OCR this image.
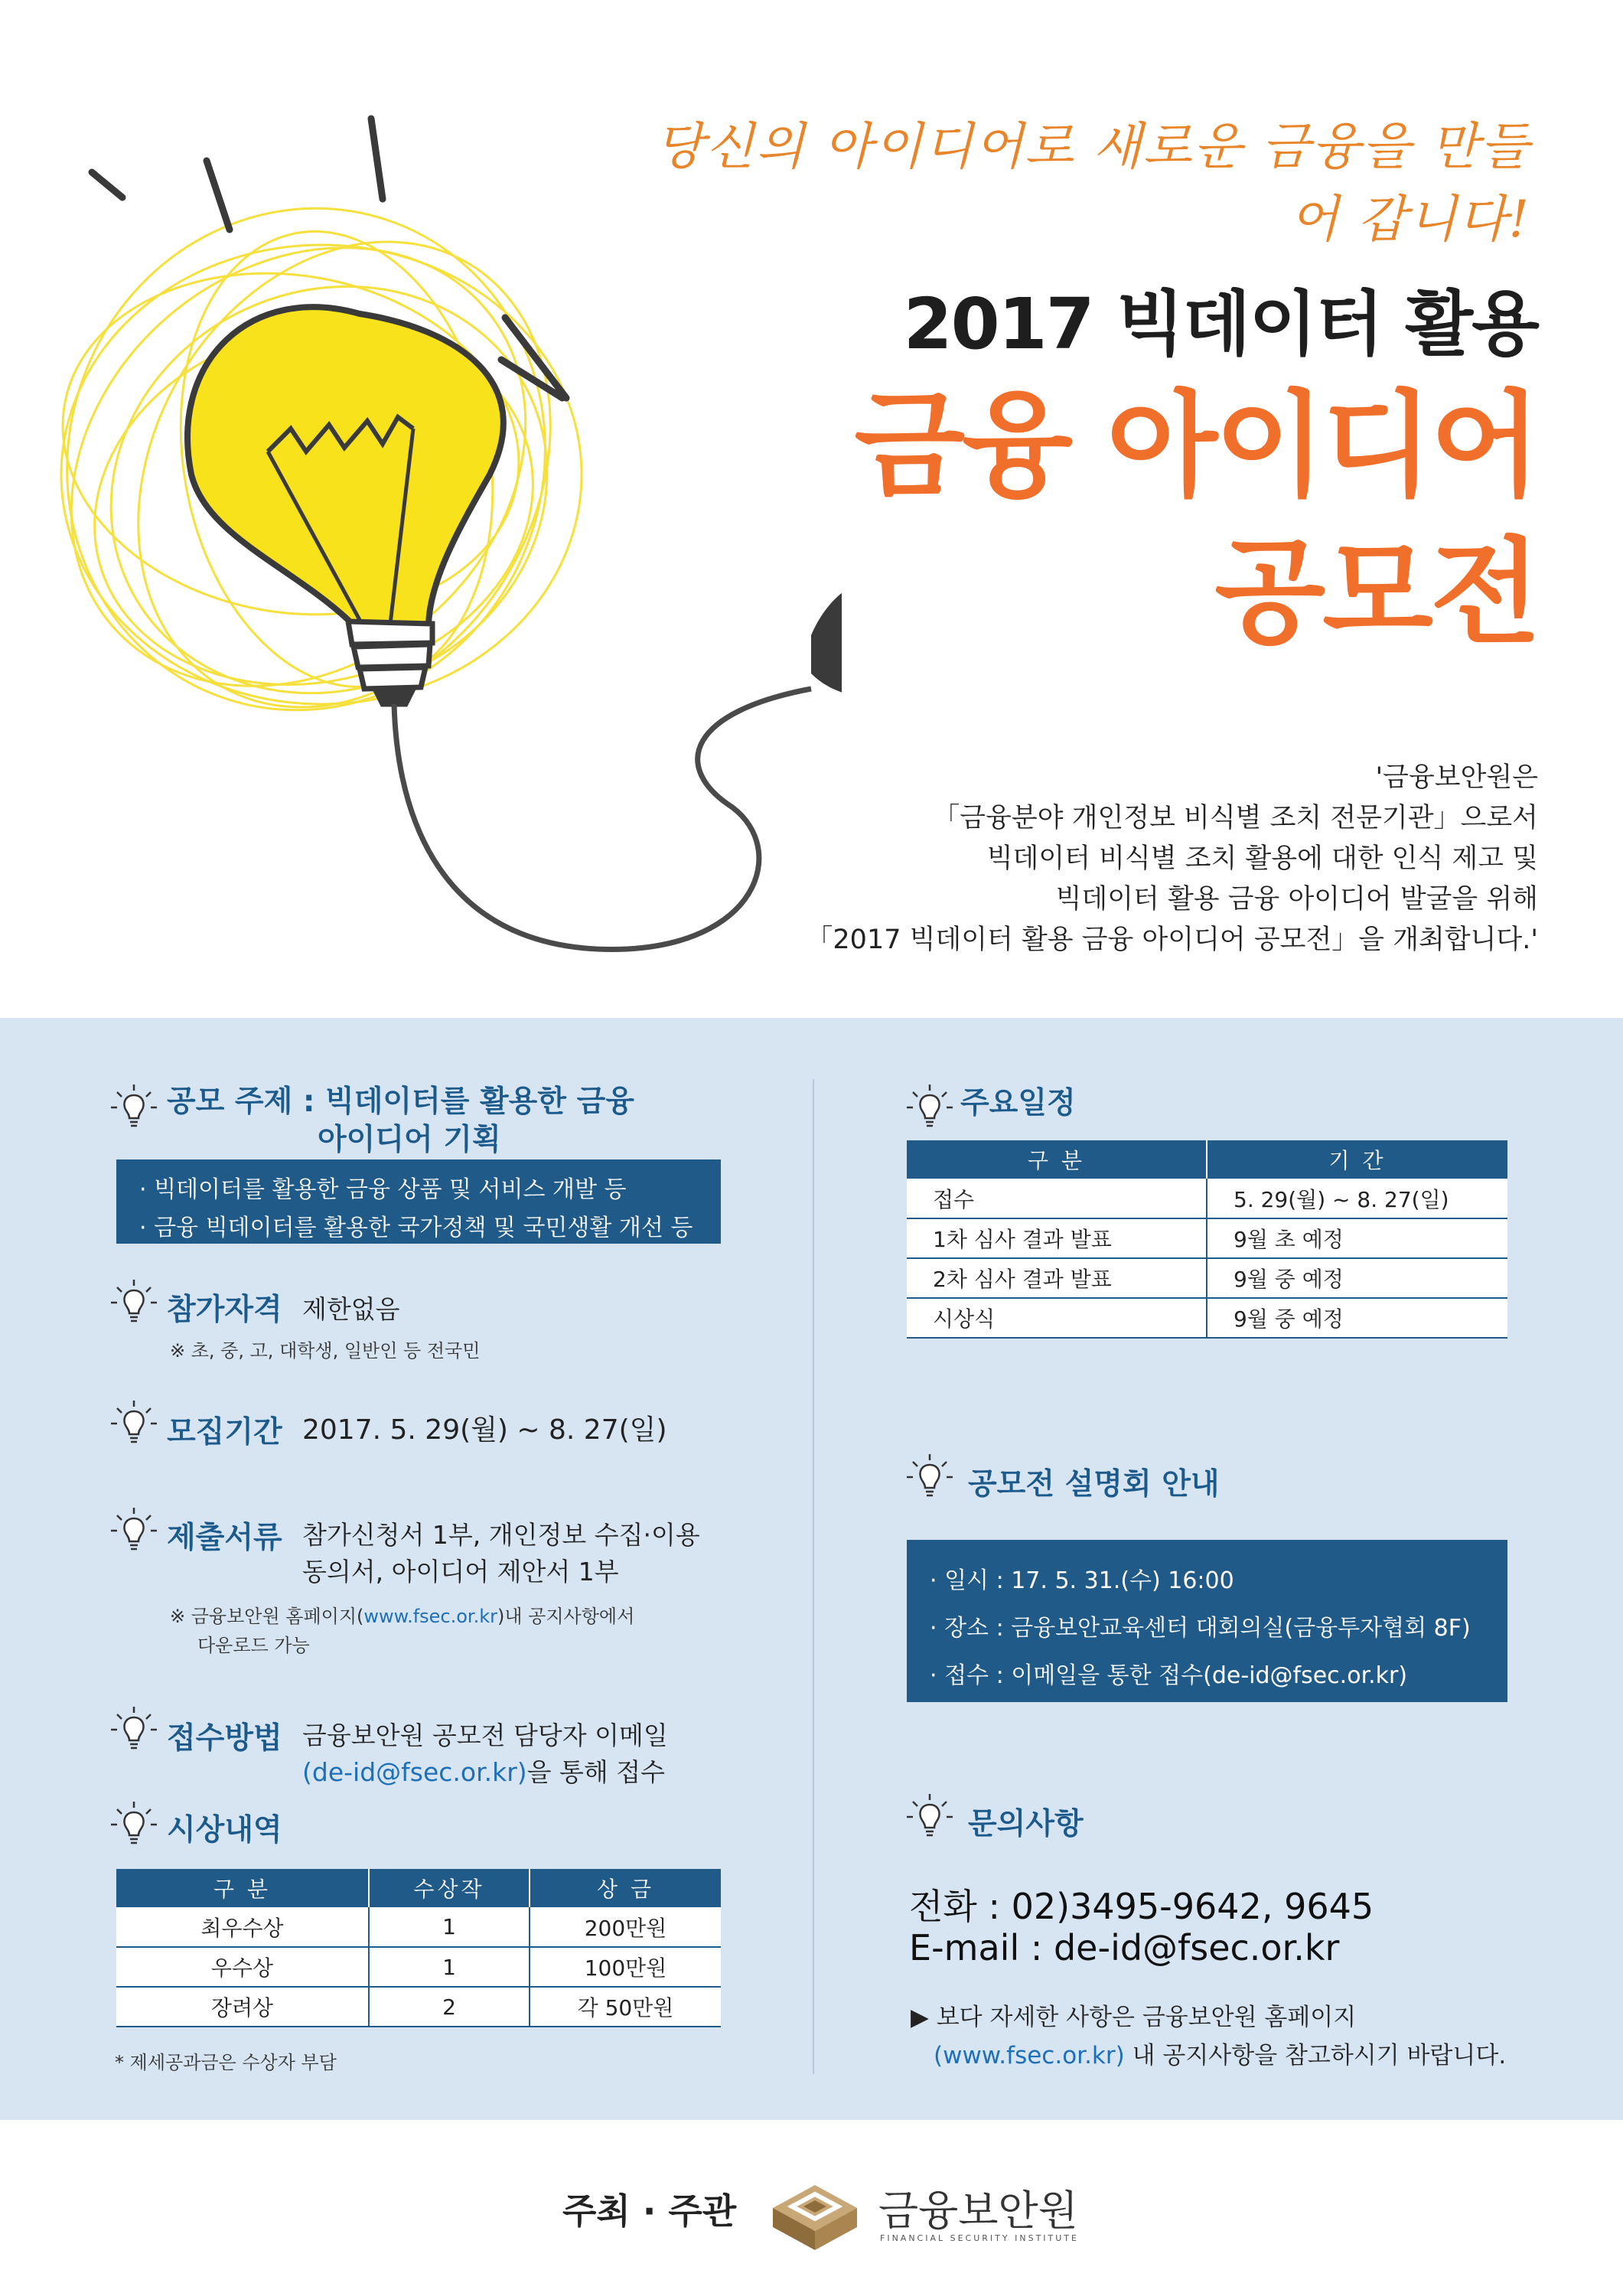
당신의 아이디어로 새로운 금융을 만들어 갑니다!
2017 빅데이터 활용
금융 아이디어
공모전
'금융보안원은
「금융분야 개인정보 비식별 조치 전문기관」으로서
빅데이터 비식별 조치 활용에 대한 인식 제고 및
빅데이터 활용 금융 아이디어 발굴을 위해
「2017 빅데이터 활용 금융 아이디어 공모전」을 개최합니다.'
공모 주제 : 빅데이터를 활용한 금융
아이디어 기획
· 빅데이터를 활용한 금융 상품 및 서비스 개발 등
· 금융 빅데이터를 활용한 국가정책 및 국민생활 개선 등
참가자격 제한없음
※ 초, 중, 고, 대학생, 일반인 등 전국민
모집기간 2017. 5. 29(월) ~ 8. 27(일)
제출서류 참가신청서 1부, 개인정보 수집·이용
동의서, 아이디어 제안서 1부
※ 금융보안원 홈페이지(www.fsec.or.kr)내 공지사항에서
다운로드 가능
접수방법 금융보안원 공모전 담당자 이메일
(de-id@fsec.or.kr)을 통해 접수
시상내역
구 분	수상작	상 금
최우수상	1	200만원
우수상	1	100만원
장려상	2	각 50만원
* 제세공과금은 수상자 부담
주요일정
구 분	기 간
접수	5. 29(월) ~ 8. 27(일)
1차 심사 결과 발표	9월 초 예정
2차 심사 결과 발표	9월 중 예정
시상식	9월 중 예정
공모전 설명회 안내
· 일시 : 17. 5. 31.(수) 16:00
· 장소 : 금융보안교육센터 대회의실(금융투자협회 8F)
· 접수 : 이메일을 통한 접수(de-id@fsec.or.kr)
문의사항
전화 : 02)3495-9642, 9645
E-mail : de-id@fsec.or.kr
▶ 보다 자세한 사항은 금융보안원 홈페이지
(www.fsec.or.kr) 내 공지사항을 참고하시기 바랍니다.
주최 · 주관	금융보안원
FINANCIAL SECURITY INSTITUTE
